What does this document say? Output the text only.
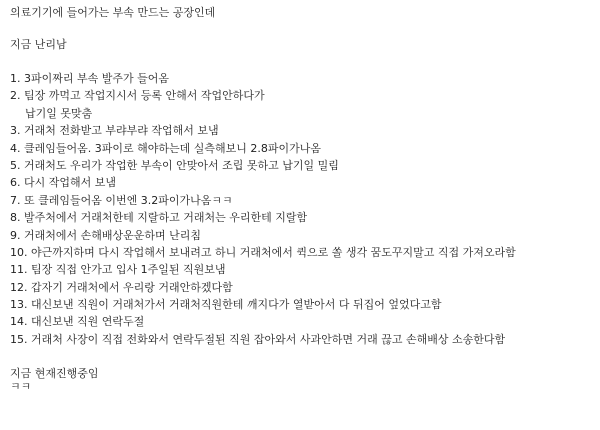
의료기기에 들어가는 부속 만드는 공장인데
지금 난리남
1. 3파이짜리 부속 발주가 들어옴
2. 팀장 까먹고 작업지시서 등록 안해서 작업안하다가
납기일 못맞춤
3. 거래처 전화받고 부랴부랴 작업해서 보냄
4. 클레임들어옴. 3파이로 해야하는데 실측해보니 2.8파이가나옴
5. 거래처도 우리가 작업한 부속이 안맞아서 조립 못하고 납기일 밀림
6. 다시 작업해서 보냄
7. 또 클레임들어옴 이번엔 3.2파이가나옴ㅋㅋ
8. 발주처에서 거래처한테 지랄하고 거래처는 우리한테 지랄함
9. 거래처에서 손해배상운운하며 난리침
10. 야근까지하며 다시 작업해서 보내려고 하니 거래처에서 퀵으로 쏠 생각 꿈도꾸지말고 직접 가져오라함
11. 팀장 직접 안가고 입사 1주일된 직원보냄
12. 갑자기 거래처에서 우리랑 거래안하겠다함
13. 대신보낸 직원이 거래처가서 거래처직원한테 깨지다가 열받아서 다 뒤집어 엎었다고함
14. 대신보낸 직원 연락두절
15. 거래처 사장이 직접 전화와서 연락두절된 직원 잡아와서 사과안하면 거래 끊고 손해배상 소송한다함
지금 현재진행중임
ㅋㅋ
